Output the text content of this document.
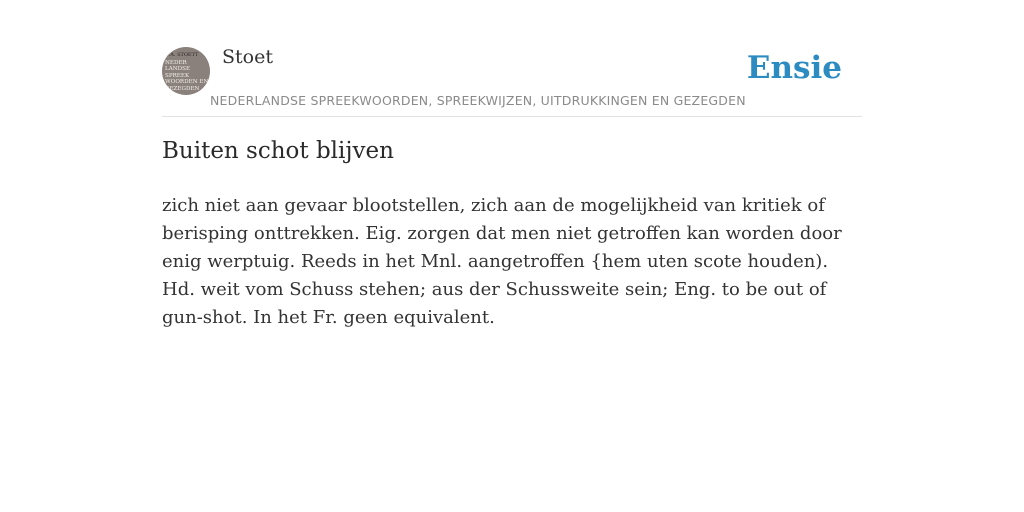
F.A. STOETT
NEDER
LANDSE
SPREEK
WOORDEN EN
GEZEGDEN
Stoet
NEDERLANDSE SPREEKWOORDEN, SPREEKWIJZEN, UITDRUKKINGEN EN GEZEGDEN
Ensie
Buiten schot blijven

zich niet aan gevaar blootstellen, zich aan de mogelijkheid van kritiek of berisping onttrekken. Eig. zorgen dat men niet getroffen kan worden door enig werptuig. Reeds in het Mnl. aangetroffen {hem uten scote houden). Hd. weit vom Schuss stehen; aus der Schussweite sein; Eng. to be out of gun-shot. In het Fr. geen equivalent.
